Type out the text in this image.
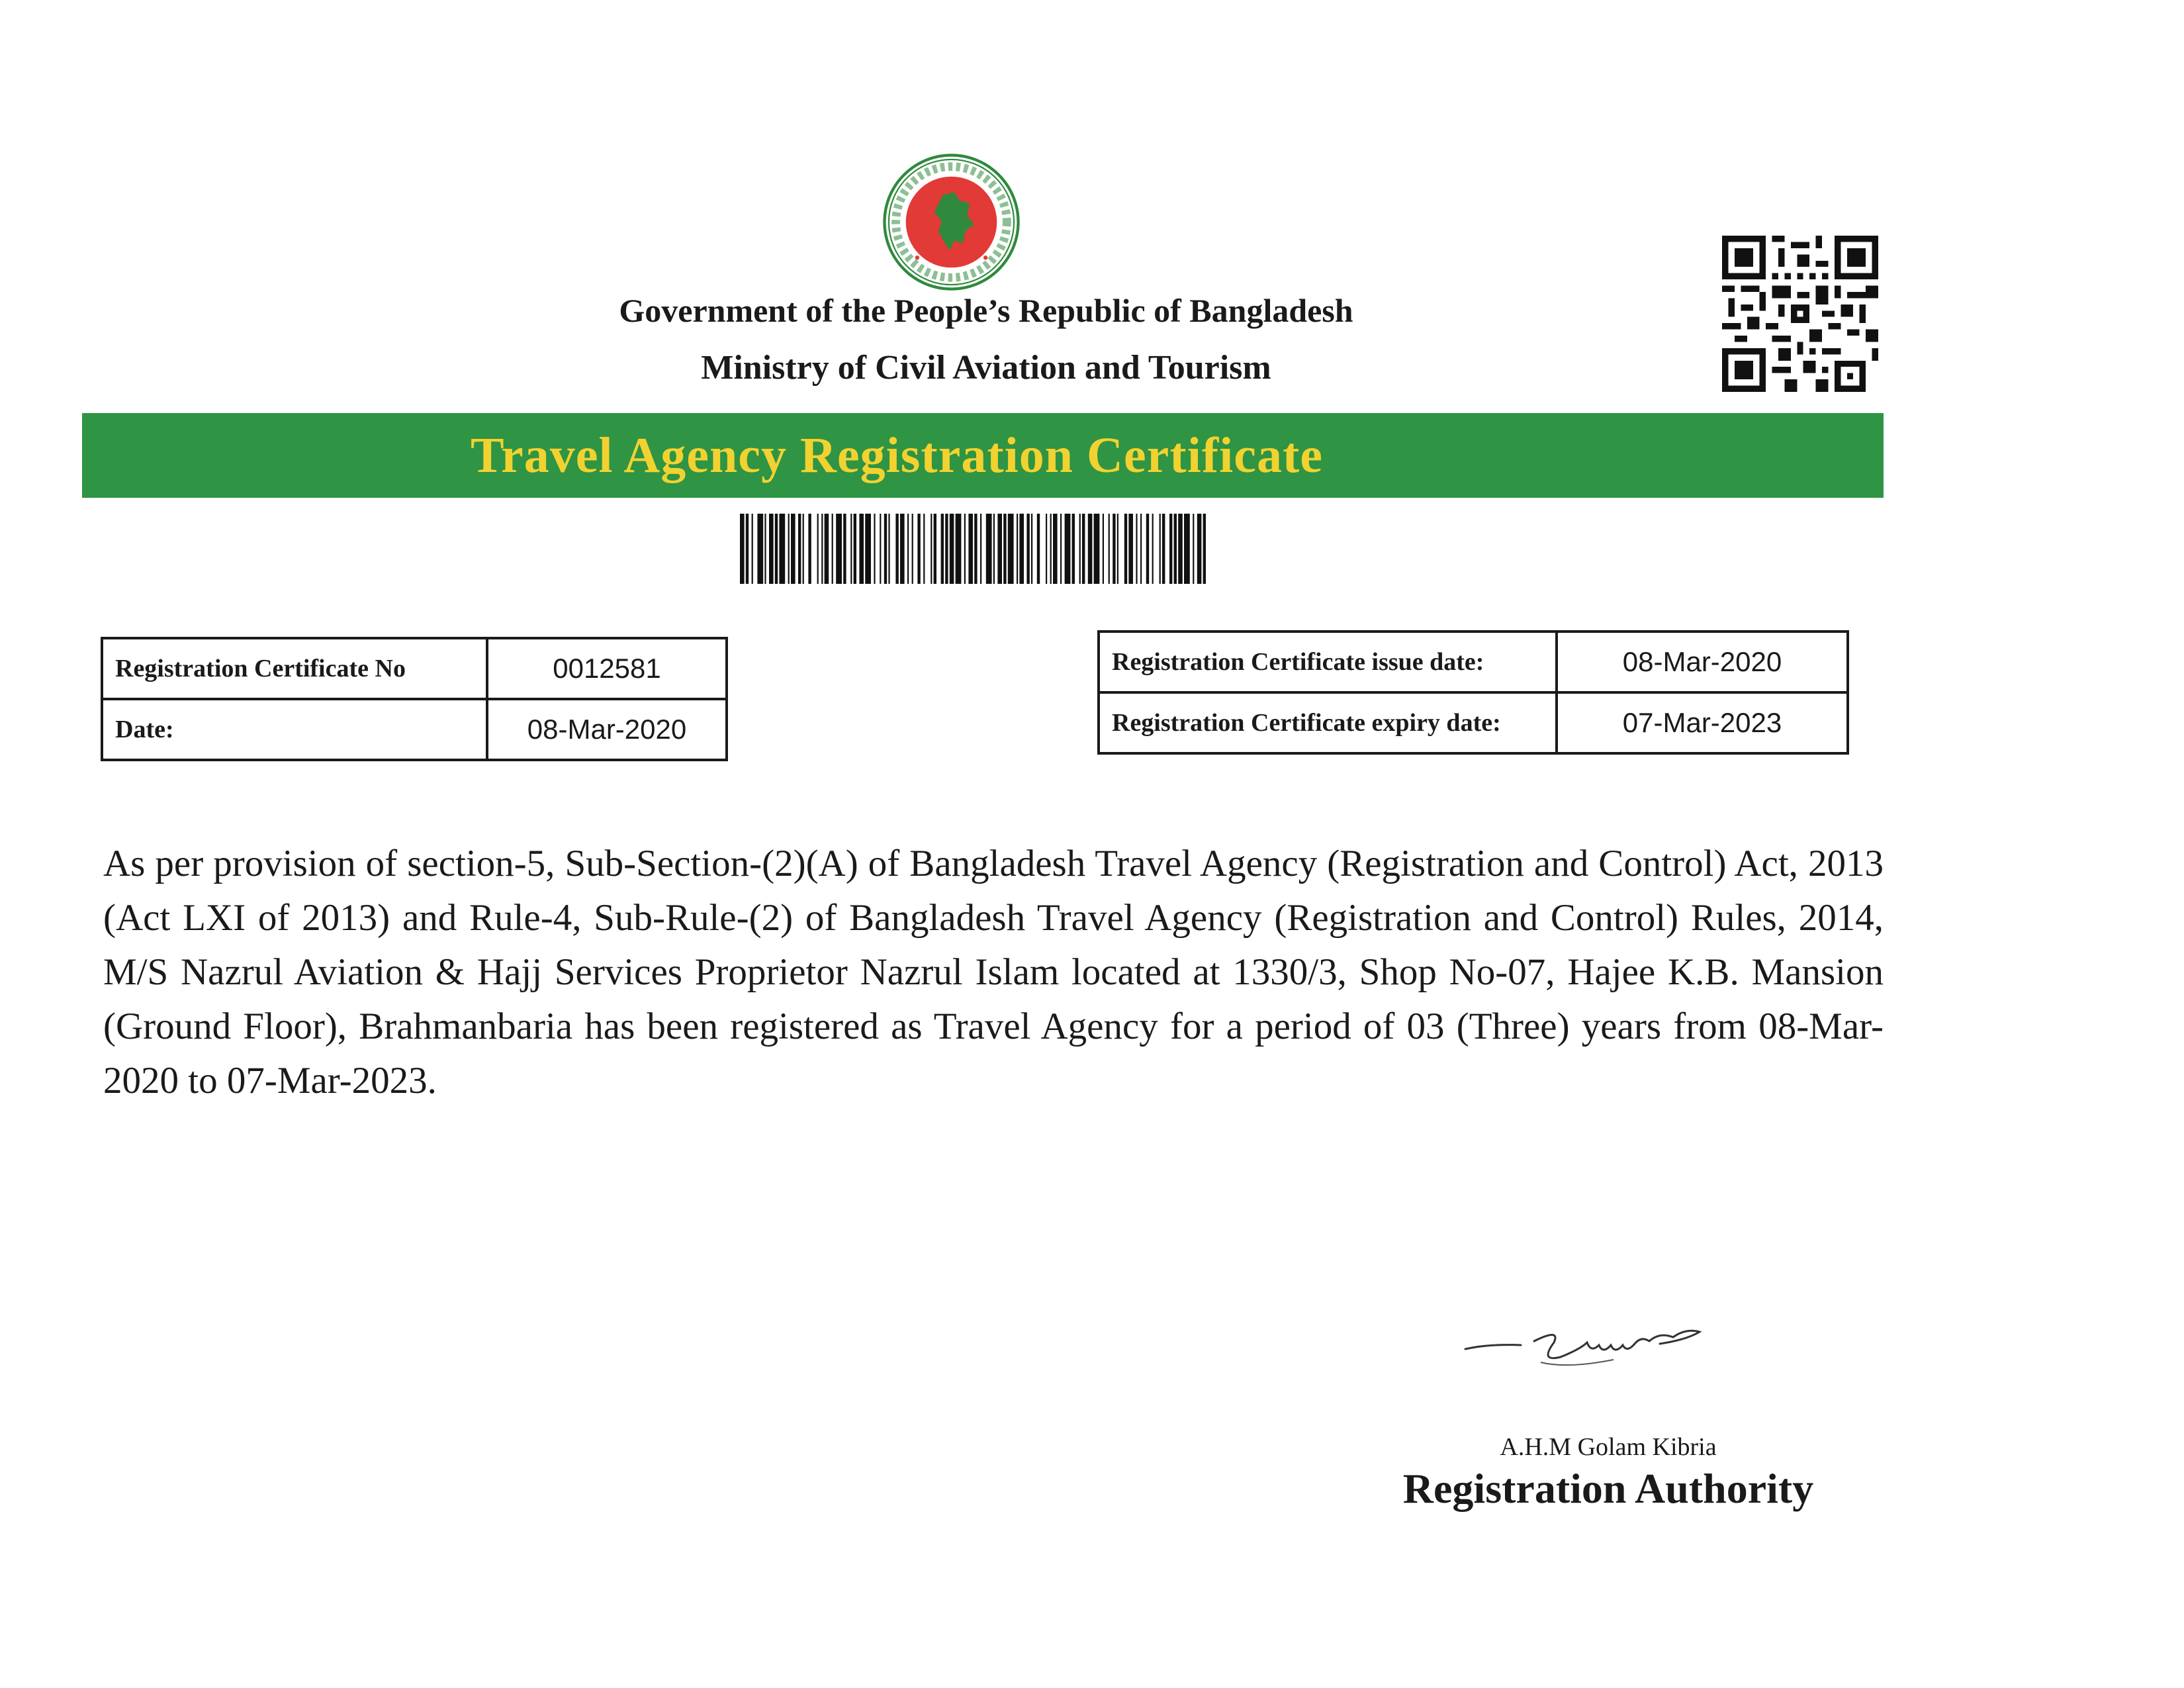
Government of the People’s Republic of Bangladesh
Ministry of Civil Aviation and Tourism
Travel Agency Registration Certificate
Registration Certificate No	0012581
Date:	08-Mar-2020
Registration Certificate issue date:	08-Mar-2020
Registration Certificate expiry date:	07-Mar-2023
As per provision of section-5, Sub-Section-(2)(A) of Bangladesh Travel Agency (Registration and Control) Act, 2013 (Act LXI of 2013) and Rule-4, Sub-Rule-(2) of Bangladesh Travel Agency (Registration and Control) Rules, 2014, M/S Nazrul Aviation & Hajj Services Proprietor Nazrul Islam located at 1330/3, Shop No-07, Hajee K.B. Mansion (Ground Floor), Brahmanbaria has been registered as Travel Agency for a period of 03 (Three) years from 08-Mar-2020 to 07-Mar-2023.
A.H.M Golam Kibria
Registration Authority
